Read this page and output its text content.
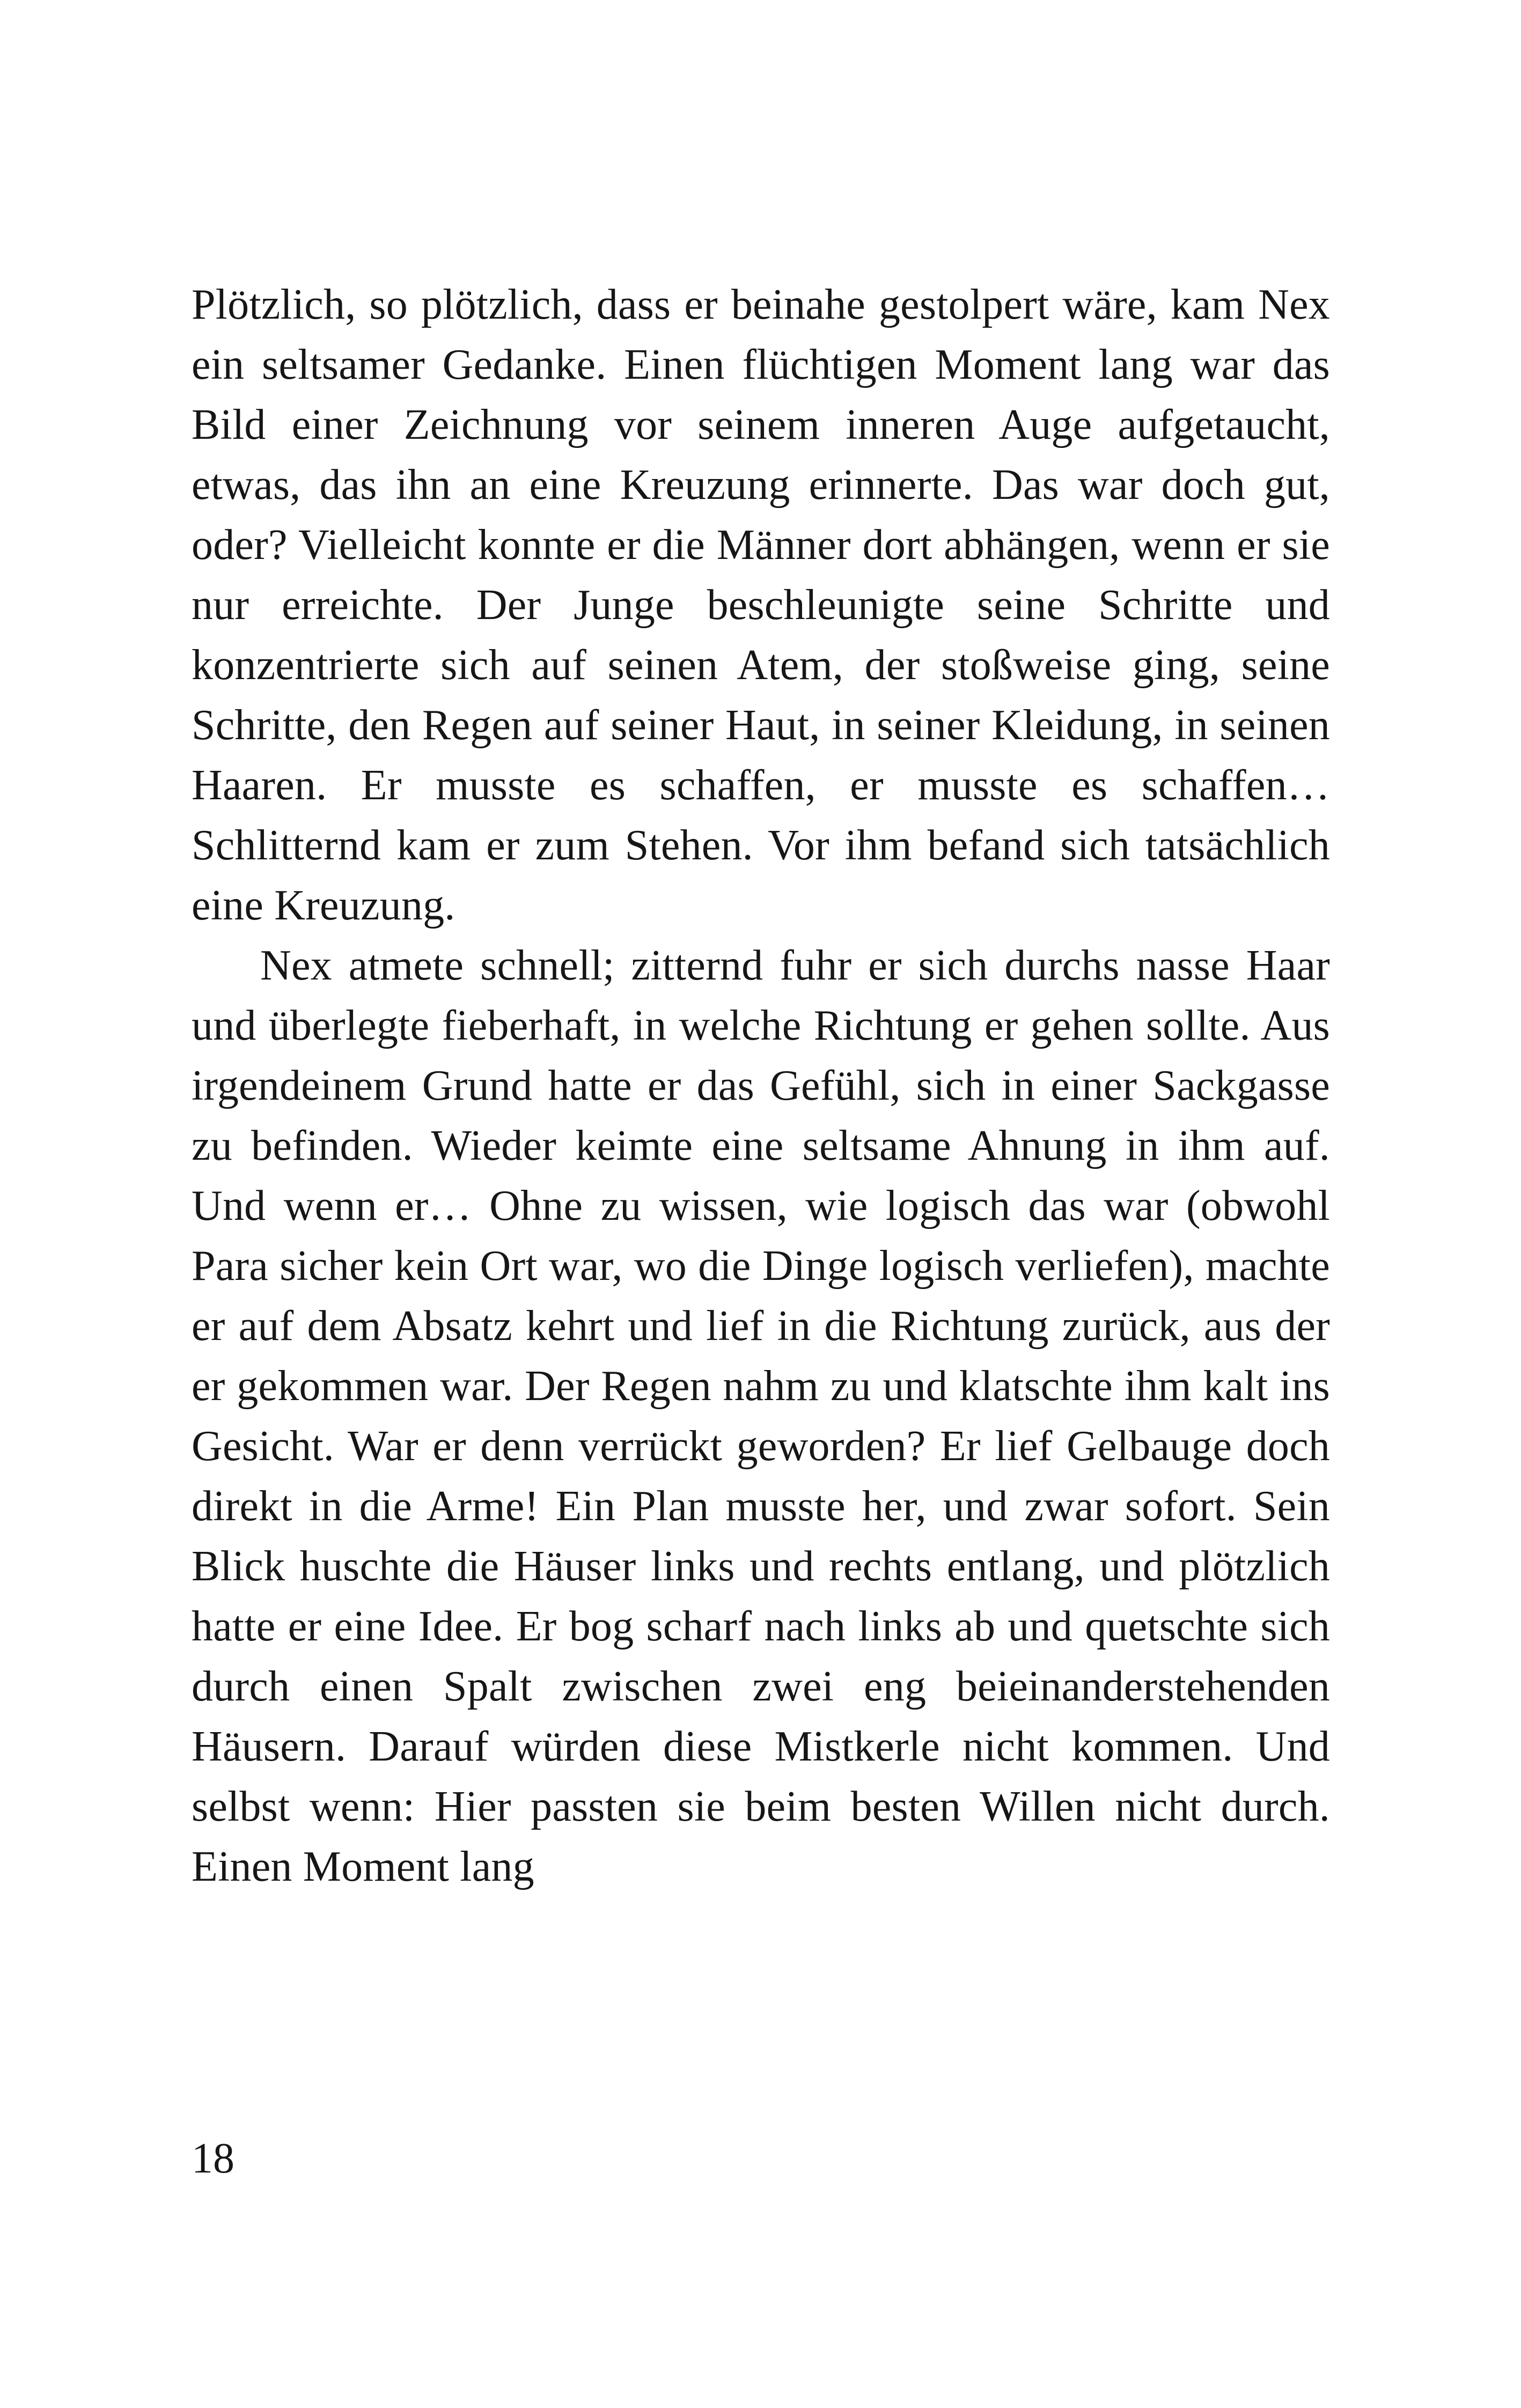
Plötzlich, so plötzlich, dass er beinahe gestolpert wäre, kam Nex ein seltsamer Gedanke. Einen flüchtigen Moment lang war das Bild einer Zeichnung vor seinem inneren Auge aufgetaucht, etwas, das ihn an eine Kreuzung erinnerte. Das war doch gut, oder? Vielleicht konnte er die Männer dort abhängen, wenn er sie nur erreichte. Der Junge beschleunigte seine Schritte und konzentrierte sich auf seinen Atem, der stoßweise ging, seine Schritte, den Regen auf seiner Haut, in seiner Kleidung, in seinen Haaren. Er musste es schaffen, er musste es schaffen… Schlitternd kam er zum Stehen. Vor ihm befand sich tatsächlich eine Kreuzung.

Nex atmete schnell; zitternd fuhr er sich durchs nasse Haar und überlegte fieberhaft, in welche Richtung er gehen sollte. Aus irgendeinem Grund hatte er das Gefühl, sich in einer Sackgasse zu befinden. Wieder keimte eine seltsame Ahnung in ihm auf. Und wenn er… Ohne zu wissen, wie logisch das war (obwohl Para sicher kein Ort war, wo die Dinge logisch verliefen), machte er auf dem Absatz kehrt und lief in die Richtung zurück, aus der er gekommen war. Der Regen nahm zu und klatschte ihm kalt ins Gesicht. War er denn verrückt geworden? Er lief Gelbauge doch direkt in die Arme! Ein Plan musste her, und zwar sofort. Sein Blick huschte die Häuser links und rechts entlang, und plötzlich hatte er eine Idee. Er bog scharf nach links ab und quetschte sich durch einen Spalt zwischen zwei eng beieinanderstehenden Häusern. Darauf würden diese Mistkerle nicht kommen. Und selbst wenn: Hier passten sie beim besten Willen nicht durch. Einen Moment lang

18
